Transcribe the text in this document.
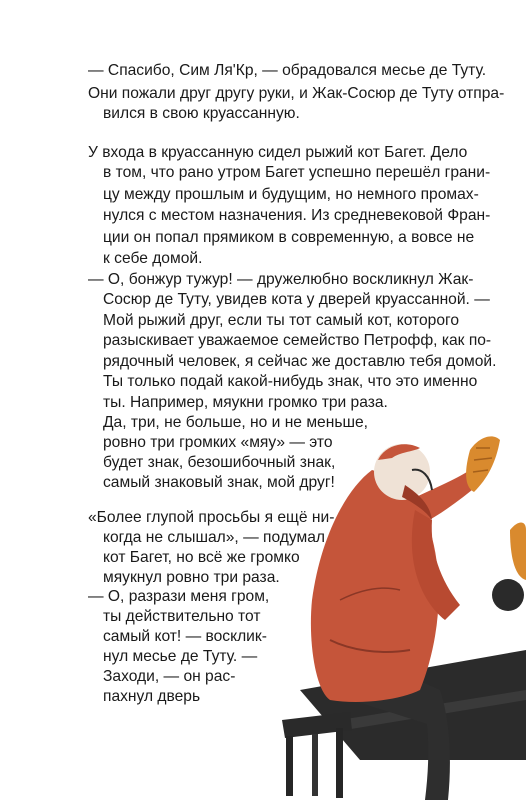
— Спасибо, Сим Ля'Кр, — обрадовался месье де Туту.

Они пожали друг другу руки, и Жак-Сосюр де Туту отпра-

вился в свою круассанную.

У входа в круассанную сидел рыжий кот Багет. Дело

в том, что рано утром Багет успешно перешёл грани-

цу между прошлым и будущим, но немного промах-

нулся с местом назначения. Из средневековой Фран-

ции он попал прямиком в современную, а вовсе не

к себе домой.

— О, бонжур тужур! — дружелюбно воскликнул Жак-

Сосюр де Туту, увидев кота у дверей круассанной. —

Мой рыжий друг, если ты тот самый кот, которого

разыскивает уважаемое семейство Петрофф, как по-

рядочный человек, я сейчас же доставлю тебя домой.

Ты только подай какой-нибудь знак, что это именно

ты. Например, мяукни громко три раза.

Да, три, не больше, но и не меньше,

ровно три громких «мяу» — это

будет знак, безошибочный знак,

самый знаковый знак, мой друг!

«Более глупой просьбы я ещё ни-

когда не слышал», — подумал

кот Багет, но всё же громко

мяукнул ровно три раза.

— О, разрази меня гром,

ты действительно тот

самый кот! — восклик-

нул месье де Туту. —

Заходи, — он рас-

пахнул дверь
